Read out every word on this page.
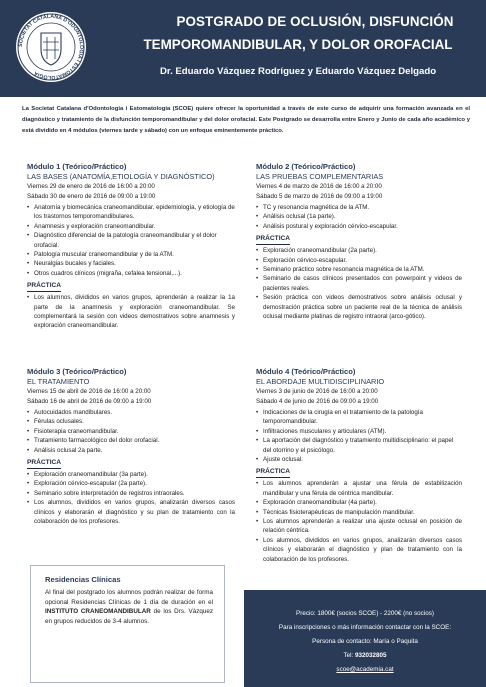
SOCIETAT CATALANA D'ODONTOLOGIA I ESTOMATOLOGIA
POSTGRADO DE OCLUSIÓN, DISFUNCIÓN
TEMPOROMANDIBULAR, Y DOLOR OROFACIAL
Dr. Eduardo Vázquez Rodríguez y Eduardo Vázquez Delgado
La Societat Catalana d'Odontologia i Estomatologia (SCOE) quiere ofrecer la oportunidad a través de este curso de adquirir una formación avanzada en el diagnóstico y tratamiento de la disfunción temporomandibular y del dolor orofacial. Este Postgrado se desarrolla entre Enero y Junio de cada año académico y está dividido en 4 módulos (viernes tarde y sábado) con un enfoque eminentemente práctico.
Módulo 1 (Teórico/Práctico)
LAS BASES (ANATOMÍA,ETIOLOGÍA Y DIAGNÓSTICO)
Viernes 29 de enero de 2016 de 16:00 a 20:00
Sábado 30 de enero de 2016 de 09:00 a 19:00
• Anatomía y biomecánica craneomandibular, epidemiología, y etiología de los trastornos temporomandibulares.
• Anamnesis y exploración craneomandibular.
• Diagnóstico diferencial de la patología craneomandibular y el dolor orofacial.
• Patología muscular craneomandibular y de la ATM.
• Neuralgias bucales y faciales.
• Otros cuadros clínicos (migraña, cefalea tensional,...).
PRÁCTICA
• Los alumnos, divididos en varios grupos, aprenderán a realizar la 1a parte de la anamnesis y exploración craneomandibular. Se complementará la sesión con videos demostrativos sobre anamnesis y exploración craneomandibular.
Módulo 2 (Teórico/Práctico)
LAS PRUEBAS COMPLEMENTARIAS
Viernes 4 de marzo de 2016 de 16:00 a 20:00
Sábado 5 de marzo de 2016 de 09:00 a 19:00
• TC y resonancia magnética de la ATM.
• Análisis oclusal (1a parte).
• Análisis postural y exploración cérvico-escapular.
PRÁCTICA
• Exploración craneomandibular (2a parte).
• Exploración cérvico-escapular.
• Seminario práctico sobre resonancia magnética de la ATM.
• Seminario de casos clínicos presentados con powerpoint y videos de pacientes reales.
• Sesión práctica con videos demostrativos sobre análisis oclusal y demostración práctica sobre un paciente real de la técnica de análisis oclusal mediante platinas de registro intraoral (arco-gótico).
Módulo 3 (Teórico/Práctico)
EL TRATAMIENTO
Viernes 15 de abril de 2016 de 16:00 a 20:00
Sábado 16 de abril de 2016 de 09:00 a 19:00
• Autocuidados mandibulares.
• Férulas oclusales.
• Fisioterapia craneomandibular.
• Tratamiento farmacológico del dolor orofacial.
• Análisis oclusal 2a parte.
PRÁCTICA
• Exploración craneomandibular (3a parte).
• Exploración cérvico-escapular (2a parte).
• Seminario sobre interpretación de registros intraorales.
• Los alumnos, divididos en varios grupos, analizarán diversos casos clínicos y elaborarán el diagnóstico y su plan de tratamiento con la colaboración de los profesores.
Módulo 4 (Teórico/Práctico)
EL ABORDAJE MULTIDISCIPLINARIO
Viernes 3 de junio de 2016 de 16:00 a 20:00
Sábado 4 de junio de 2016 de 09:00 a 19:00
• Indicaciones de la cirugía en el tratamiento de la patología temporomandibular.
• Infiltraciones musculares y articulares (ATM).
• La aportación del diagnóstico y tratamiento multidisciplinario: el papel del otorrino y el psicólogo.
• Ajuste oclusal.
PRÁCTICA
• Los alumnos aprenderán a ajustar una férula de estabilización mandibular y una férula de céntrica mandibular.
• Exploración craneomandibular (4a parte).
• Técnicas fisioterapéuticas de manipulación mandibular.
• Los alumnos aprenderán a realizar una ajuste oclusal en posición de relación céntrica.
• Los alumnos, divididos en varios grupos, analizarán diversos casos clínicos y elaborarán el diagnóstico y plan de tratamiento con la colaboración de los profesores.
Residencias Clínicas
Al final del postgrado los alumnos podrán realizar de forma opcional Residencias Clínicas de 1 día de duración en el INSTITUTO CRANEOMANDIBULAR de los Drs. Vázquez en grupos reducidos de 3-4 alumnos.
Precio: 1800€ (socios SCOE) - 2200€ (no socios)
Para inscripciones o más información contactar con la SCOE:
Persona de contacto: María o Paquita
Tel: 932032805
scoe@academia.cat
